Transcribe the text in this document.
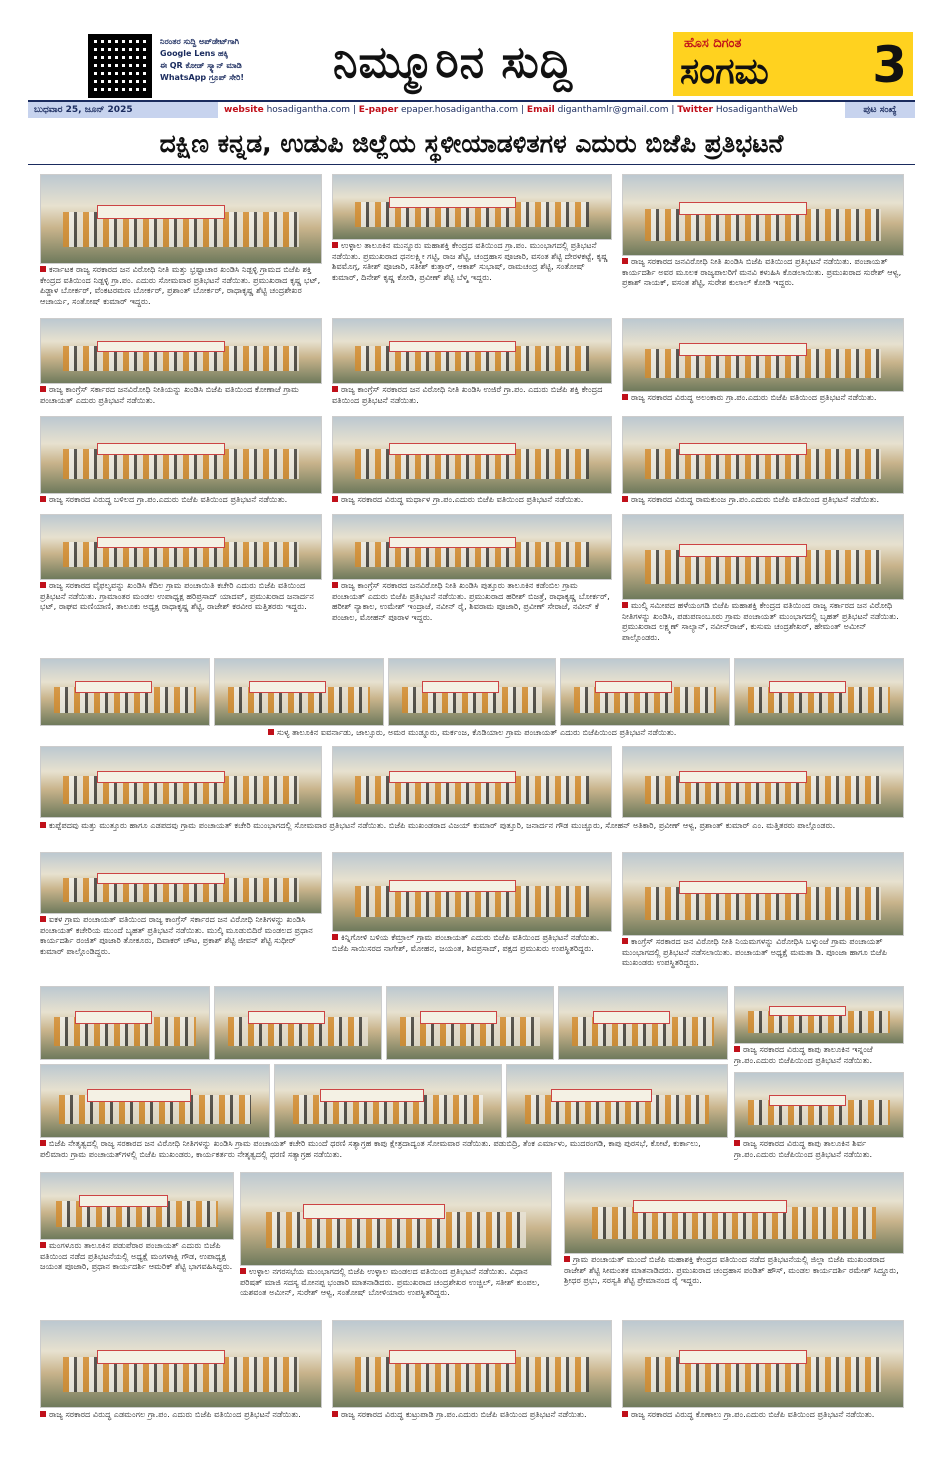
ನಿರಂತರ ಸುದ್ದಿ ಅಪ್‌ಡೇಟ್‌ಗಾಗಿ
Google Lens ಹಕ್ಕಿ
ಈ QR ಕೋಡ್ ಸ್ಕ್ಯಾನ್ ಮಾಡಿ
WhatsApp ಗ್ರೂಪ್ ಸೇರಿ!	ನಿಮ್ಮೂರಿನ ಸುದ್ದಿ	ಹೊಸ ದಿಗಂತ
ಸಂಗಮ 3
ಬುಧವಾರ 25, ಜೂನ್ 2025	website hosadigantha.com | E-paper epaper.hosadigantha.com | Email diganthamlr@gmail.com | Twitter HosadiganthaWeb	ಪುಟ ಸಂಖ್ಯೆ
ದಕ್ಷಿಣ ಕನ್ನಡ, ಉಡುಪಿ ಜಿಲ್ಲೆಯ ಸ್ಥಳೀಯಾಡಳಿತಗಳ ಎದುರು ಬಿಜೆಪಿ ಪ್ರತಿಭಟನೆ
ಕರ್ನಾಟಕ ರಾಜ್ಯ ಸರಕಾರದ ಜನ ವಿರೋಧಿ ನೀತಿ ಮತ್ತು ಭ್ರಷ್ಟಾಚಾರ ಖಂಡಿಸಿ ನಿಡ್ಪಳ್ಳಿ ಗ್ರಾಮದ ಬಿಜೆಪಿ ಶಕ್ತಿ ಕೇಂದ್ರದ ವತಿಯಿಂದ ನಿಡ್ಪಳ್ಳಿ ಗ್ರಾ.ಪಂ. ಎದುರು ಸೋಮವಾರ ಪ್ರತಿಭಟನೆ ನಡೆಯಿತು. ಪ್ರಮುಖರಾದ ಕೃಷ್ಣ ಭಟ್, ಪಿಡ್ಜಾಳ ಬೋರ್ಕರ್, ವೆಂಕಟರಮಣ ಬೋರ್ಕರ್, ಪ್ರಶಾಂತ್ ಬೋರ್ಕರ್, ರಾಧಾಕೃಷ್ಣ ಶೆಟ್ಟಿ ಚಂದ್ರಶೇಖರ ಆಚಾರ್ಯ, ಸಂತೋಷ್ ಕುಮಾರ್ ಇದ್ದರು.
ಉಳ್ಳಾಲ ತಾಲೂಕಿನ ಮುನ್ನೂರು ಮಹಾಶಕ್ತಿ ಕೇಂದ್ರದ ವತಿಯಿಂದ ಗ್ರಾ.ಪಂ. ಮುಂಭಾಗದಲ್ಲಿ ಪ್ರತಿಭಟನೆ ನಡೆಯಿತು. ಪ್ರಮುಖರಾದ ಧನಲಕ್ಷ್ಮೀ ಗಟ್ಟಿ, ರಾಜ ಶೆಟ್ಟಿ, ಚಂದ್ರಹಾಸ ಪೂಜಾರಿ, ವಸಂತ ಶೆಟ್ಟಿ ದೇರಳಕಟ್ಟೆ, ಕೃಷ್ಣ ಶಿವಮೊಗ್ಗ, ಸತೀಶ್ ಪೂಜಾರಿ, ಸತೀಶ್ ಕುತ್ತಾರ್, ಆಕಾಶ್ ಸುಭಾಷ್, ರಾಮಚಂದ್ರ ಶೆಟ್ಟಿ, ಸಂತೋಷ್ ಕುಮಾರ್, ದಿನೇಶ್ ಕೃಷ್ಣ ಕೋಡಿ, ಪ್ರವೀಣ್ ಶೆಟ್ಟಿ ಬೆಳ್ಮ ಇದ್ದರು.
ರಾಜ್ಯ ಸರಕಾರದ ಜನವಿರೋಧಿ ನೀತಿ ಖಂಡಿಸಿ ಬಿಜೆಪಿ ವತಿಯಿಂದ ಪ್ರತಿಭಟನೆ ನಡೆಯಿತು. ಪಂಚಾಯತ್ ಕಾರ್ಯದರ್ಶಿ ಅವರ ಮೂಲಕ ರಾಜ್ಯಪಾಲರಿಗೆ ಮನವಿ ಕಳುಹಿಸಿ ಕೊಡಲಾಯಿತು. ಪ್ರಮುಖರಾದ ಸುರೇಶ್ ಆಳ್ವ, ಪ್ರಕಾಶ್ ನಾಯಕ್, ವಸಂತ ಶೆಟ್ಟಿ, ಸುರೇಶ ಕುಲಾಲ್ ಕೋಡಿ ಇದ್ದರು.
ರಾಜ್ಯ ಕಾಂಗ್ರೆಸ್ ಸರ್ಕಾರದ ಜನವಿರೋಧಿ ನೀತಿಯನ್ನು ಖಂಡಿಸಿ ಬಿಜೆಪಿ ವತಿಯಿಂದ ಕೋಣಾಜೆ ಗ್ರಾಮ ಪಂಚಾಯತ್ ಎದುರು ಪ್ರತಿಭಟನೆ ನಡೆಯಿತು.
ರಾಜ್ಯ ಕಾಂಗ್ರೆಸ್ ಸರಕಾರದ ಜನ ವಿರೋಧಿ ನೀತಿ ಖಂಡಿಸಿ ಉಜಿರೆ ಗ್ರಾ.ಪಂ. ಎದುರು ಬಿಜೆಪಿ ಶಕ್ತಿ ಕೇಂದ್ರದ ವತಿಯಿಂದ ಪ್ರತಿಭಟನೆ ನಡೆಯಿತು.	ರಾಜ್ಯ ಸರಕಾರದ ವಿರುದ್ಧ ಅಲಂಕಾರು ಗ್ರಾ.ಪಂ.ಎದುರು ಬಿಜೆಪಿ ವತಿಯಿಂದ ಪ್ರತಿಭಟನೆ ನಡೆಯಿತು.
ರಾಜ್ಯ ಸರಕಾರದ ವಿರುದ್ಧ ಬಳಿಲದ ಗ್ರಾ.ಪಂ.ಎದುರು ಬಿಜೆಪಿ ವತಿಯಿಂದ ಪ್ರತಿಭಟನೆ ನಡೆಯಿತು.	ರಾಜ್ಯ ಸರಕಾರದ ವಿರುದ್ಧ ಮರ್ಧಾಳ ಗ್ರಾ.ಪಂ.ಎದುರು ಬಿಜೆಪಿ ವತಿಯಿಂದ ಪ್ರತಿಭಟನೆ ನಡೆಯಿತು.	ರಾಜ್ಯ ಸರಕಾರದ ವಿರುದ್ಧ ರಾಮಕುಂಜ ಗ್ರಾ.ಪಂ.ಎದುರು ಬಿಜೆಪಿ ವತಿಯಿಂದ ಪ್ರತಿಭಟನೆ ನಡೆಯಿತು.
ರಾಜ್ಯ ಸರಕಾರದ ವೈಫಲ್ಯವನ್ನು ಖಂಡಿಸಿ ಕೆದಿಲ ಗ್ರಾಮ ಪಂಚಾಯಿತಿ ಕಚೇರಿ ಎದುರು ಬಿಜೆಪಿ ವತಿಯಿಂದ ಪ್ರತಿಭಟನೆ ನಡೆಯಿತು. ಗ್ರಾಮಾಂತರ ಮಂಡಲ ಉಪಾಧ್ಯಕ್ಷ ಹರಿಪ್ರಸಾದ್ ಯಾದವ್, ಪ್ರಮುಖರಾದ ಜನಾರ್ದನ ಭಟ್, ರಾಘವ ಮಣಿಯಾಣಿ, ತಾಲೂಕು ಅಧ್ಯಕ್ಷ ರಾಧಾಕೃಷ್ಣ ಶೆಟ್ಟಿ, ರಾಜೇಶ್ ಕರವೀರ ಮತ್ತಿತರರು ಇದ್ದರು.
ರಾಜ್ಯ ಕಾಂಗ್ರೆಸ್ ಸರಕಾರದ ಜನವಿರೋಧಿ ನೀತಿ ಖಂಡಿಸಿ ಪುತ್ತೂರು ತಾಲೂಕಿನ ಕಡೆಂಬಿಲ ಗ್ರಾಮ ಪಂಚಾಯತ್ ಎದುರು ಬಿಜೆಪಿ ಪ್ರತಿಭಟನೆ ನಡೆಯಿತು. ಪ್ರಮುಖರಾದ ಹರೀಶ್ ಬಿಜತ್ರೆ, ರಾಧಾಕೃಷ್ಣ ಬೋರ್ಕರ್, ಹರೀಶ್ ನ್ಯಾಕಾಲ, ಉಮೇಶ್ ಇಂದ್ರಾಜೆ, ನವೀನ್ ರೈ, ಶಿವರಾಮ ಪೂಜಾರಿ, ಪ್ರವೀಣ್ ಸೇರಾಜೆ, ನವೀನ್ ಕೆ ಪಂಜಾಲ, ಮೋಹನ್ ಪೂರಾಳ ಇದ್ದರು.
ಮುಲ್ಕಿ ಸಮೀಪದ ಹಳೆಯಂಗಡಿ ಬಿಜೆಪಿ ಮಹಾಶಕ್ತಿ ಕೇಂದ್ರದ ವತಿಯಿಂದ ರಾಜ್ಯ ಸರ್ಕಾರದ ಜನ ವಿರೋಧಿ ನೀತಿಗಳನ್ನು ಖಂಡಿಸಿ, ಪಡುಪಣಂಬೂರು ಗ್ರಾಮ ಪಂಚಾಯತ್ ಮುಂಭಾಗದಲ್ಲಿ ಬೃಹತ್ ಪ್ರತಿಭಟನೆ ನಡೆಯಿತು. ಪ್ರಮುಖರಾದ ಲಕ್ಷ್ಮಣ್ ಸಾಲ್ಯಾನ್, ನವೀನ್‌ರಾಜ್, ಕುಸುಮ ಚಂದ್ರಶೇಖರ್, ಹೇಮಂತ್ ಅಮೀನ್ ಪಾಲ್ಗೊಂಡರು.
ಸುಳ್ಯ ತಾಲೂಕಿನ ಐವರ್ನಾಡು, ಜಾಲ್ಸೂರು, ಅಮರ ಮುಡ್ನೂರು, ಮರ್ಕಂಜ, ಕೊಡಿಯಾಲ ಗ್ರಾಮ ಪಂಚಾಯತ್ ಎದುರು ಬಿಜೆಪಿಯಿಂದ ಪ್ರತಿಭಟನೆ ನಡೆಯಿತು.
ಕುಪ್ಪೆಪದವು ಮತ್ತು ಮುತ್ತೂರು ಹಾಗೂ ಎಡಪದವು ಗ್ರಾಮ ಪಂಚಾಯತ್ ಕಚೇರಿ ಮುಂಭಾಗದಲ್ಲಿ ಸೋಮವಾರ ಪ್ರತಿಭಟನೆ ನಡೆಯಿತು. ಬಿಜೆಪಿ ಮುಖಂಡರಾದ ವಿಜಯ್ ಕುಮಾರ್ ಪುತ್ತೂರಿ, ಜನಾರ್ದನ ಗೌಡ ಮುಚ್ಚೂರು, ಸೋಹನ್ ಅತಿಕಾರಿ, ಪ್ರವೀಣ್ ಆಳ್ವ, ಪ್ರಶಾಂತ್ ಕುಮಾರ್ ಎಂ. ಮತ್ತಿತರರು ಪಾಲ್ಗೊಂಡರು.
ಐಕಳ ಗ್ರಾಮ ಪಂಚಾಯತ್ ವತಿಯಿಂದ ರಾಜ್ಯ ಕಾಂಗ್ರೆಸ್ ಸರ್ಕಾರದ ಜನ ವಿರೋಧಿ ನೀತಿಗಳನ್ನು ಖಂಡಿಸಿ ಪಂಚಾಯತ್ ಕಚೇರಿಯ ಮುಂದೆ ಬೃಹತ್ ಪ್ರತಿಭಟನೆ ನಡೆಯಿತು. ಮುಲ್ಕಿ ಮೂಡುಬಿದಿರೆ ಮಂಡಲದ ಪ್ರಧಾನ ಕಾರ್ಯದರ್ಶಿ ರಂಜಿತ್ ಪೂಜಾರಿ ತೋಕೂರು, ದಿವಾಕರ್ ಚೌಟ, ಪ್ರಕಾಶ್ ಶೆಟ್ಟಿ ಜೀವನ್ ಶೆಟ್ಟಿ ಸುಧೀರ್ ಕುಮಾರ್ ಪಾಲ್ಗೊಂಡಿದ್ದರು.
ಕಿನ್ನಿಗೋಳಿ ಬಳಿಯ ಕೆಮ್ರಾಲ್ ಗ್ರಾಮ ಪಂಚಾಯತ್ ಎದುರು ಬಿಜೆಪಿ ವತಿಯಿಂದ ಪ್ರತಿಭಟನೆ ನಡೆಯಿತು. ಬಿಜೆಪಿ ಸಾಯಿಸರದ ನಾಗೇಶ್, ಮೋಹನ, ಜಯಂತ, ಶಿವಪ್ರಸಾದ್, ಪಕ್ಷದ ಪ್ರಮುಖರು ಉಪಸ್ಥಿತರಿದ್ದರು.
ಕಾಂಗ್ರೆಸ್ ಸರಕಾರದ ಜನ ವಿರೋಧಿ ನೀತಿ ನಿಯಮಗಳನ್ನು ವಿರೋಧಿಸಿ ಬಳ್ಕುಂಜೆ ಗ್ರಾಮ ಪಂಚಾಯತ್ ಮುಂಭಾಗದಲ್ಲಿ ಪ್ರತಿಭಟನೆ ನಡೆಸಲಾಯಿತು. ಪಂಚಾಯತ್ ಅಧ್ಯಕ್ಷೆ ಮಮತಾ ಡಿ. ಪೂಂಜಾ ಹಾಗೂ ಬಿಜೆಪಿ ಮುಖಂಡರು ಉಪಸ್ಥಿತರಿದ್ದರು.
ರಾಜ್ಯ ಸರಕಾರದ ವಿರುದ್ಧ ಕಾಪು ತಾಲೂಕಿನ ಇನ್ನಂಜೆ ಗ್ರಾ.ಪಂ.ಎದುರು ಬಿಜೆಪಿಯಿಂದ ಪ್ರತಿಭಟನೆ ನಡೆಯಿತು.
ಬಿಜೆಪಿ ನೇತೃತ್ವದಲ್ಲಿ ರಾಜ್ಯ ಸರಕಾರದ ಜನ ವಿರೋಧಿ ನೀತಿಗಳನ್ನು ಖಂಡಿಸಿ ಗ್ರಾಮ ಪಂಚಾಯತ್ ಕಚೇರಿ ಮುಂದೆ ಧರಣಿ ಸತ್ಯಾಗ್ರಹ ಕಾಪು ಕ್ಷೇತ್ರದಾದ್ಯಂತ ಸೋಮವಾರ ನಡೆಯಿತು. ಪಡುಬಿದ್ರಿ, ತೆಂಕ ಎರ್ಮಾಳು, ಮುದರಂಗಡಿ, ಕಾಪು ಪುರಸಭೆ, ಕೋಟೆ, ಕುರ್ಕಾಲು, ಪಲಿಮಾರು ಗ್ರಾಮ ಪಂಚಾಯತ್‌ಗಳಲ್ಲಿ ಬಿಜೆಪಿ ಮುಖಂಡರು, ಕಾರ್ಯಕರ್ತರು ನೇತೃತ್ವದಲ್ಲಿ ಧರಣಿ ಸತ್ಯಾಗ್ರಹ ನಡೆಯಿತು.
ರಾಜ್ಯ ಸರಕಾರದ ವಿರುದ್ಧ ಕಾಪು ತಾಲೂಕಿನ ಶಿರ್ವ ಗ್ರಾ.ಪಂ.ಎದುರು ಬಿಜೆಪಿಯಿಂದ ಪ್ರತಿಭಟನೆ ನಡೆಯಿತು.
ಮಂಗಳೂರು ತಾಲೂಕಿನ ಪಡುಪೆರಾರ ಪಂಚಾಯತ್ ಎದುರು ಬಿಜೆಪಿ ವತಿಯಿಂದ ನಡೆದ ಪ್ರತಿಭಟನೆಯಲ್ಲಿ ಅಧ್ಯಕ್ಷೆ ಮಂಗಳಾಕ್ಷಿ ಗೌಡ, ಉಪಾಧ್ಯಕ್ಷ ಜಯಂತ ಪೂಜಾರಿ, ಪ್ರಧಾನ ಕಾರ್ಯದರ್ಶಿ ಆಮರಿಕ್ ಶೆಟ್ಟಿ ಭಾಗವಹಿಸಿದ್ದರು.	ಉಳ್ಳಾಲ ನಗರಸಭೆಯ ಮುಂಭಾಗದಲ್ಲಿ ಬಿಜೆಪಿ ಉಳ್ಳಾಲ ಮಂಡಲದ ವತಿಯಿಂದ ಪ್ರತಿಭಟನೆ ನಡೆಯಿತು. ವಿಧಾನ ಪರಿಷತ್ ಮಾಜಿ ಸದಸ್ಯ ಮೋನಪ್ಪ ಭಂಡಾರಿ ಮಾತನಾಡಿದರು. ಪ್ರಮುಖರಾದ ಚಂದ್ರಶೇಖರ ಉಚ್ಚಿಲ್, ಸತೀಶ್ ಕುಂಪಲ, ಯಶವಂತ ಅಮೀನ್, ಸುರೇಶ್ ಆಳ್ವ, ಸಂತೋಷ್ ಬೋಳಿಯಾರು ಉಪಸ್ಥಿತರಿದ್ದರು.
ಗ್ರಾಮ ಪಂಚಾಯತ್ ಮುಂದೆ ಬಿಜೆಪಿ ಮಹಾಶಕ್ತಿ ಕೇಂದ್ರದ ವತಿಯಿಂದ ನಡೆದ ಪ್ರತಿಭಟನೆಯಲ್ಲಿ ಜಿಲ್ಲಾ ಬಿಜೆಪಿ ಮುಖಂಡರಾದ ರಾಜೇಶ್ ಶೆಟ್ಟಿ ಸೀಮಂತಕ ಮಾತನಾಡಿದರು. ಪ್ರಮುಖರಾದ ಚಂದ್ರಹಾಸ ಪಂಡಿತ್ ಹೌಸ್, ಮಂಡಲ ಕಾರ್ಯದರ್ಶಿ ರಮೇಶ್ ಸಿದ್ದೂರು, ಶ್ರೀಧರ ಪ್ರಭು, ಸರಸ್ವತಿ ಶೆಟ್ಟಿ ಪ್ರೇಮಾನಂದ ರೈ ಇದ್ದರು.
ರಾಜ್ಯ ಸರಕಾರದ ವಿರುದ್ಧ ಎಡಮಂಗಲ ಗ್ರಾ.ಪಂ. ಎದುರು ಬಿಜೆಪಿ ವತಿಯಿಂದ ಪ್ರತಿಭಟನೆ ನಡೆಯಿತು.	ರಾಜ್ಯ ಸರಕಾರದ ವಿರುದ್ಧ ಕುಟ್ರುಪಾಡಿ ಗ್ರಾ.ಪಂ.ಎದುರು ಬಿಜೆಪಿ ವತಿಯಿಂದ ಪ್ರತಿಭಟನೆ ನಡೆಯಿತು.	ರಾಜ್ಯ ಸರಕಾರದ ವಿರುದ್ಧ ಕೊಣಾಲು ಗ್ರಾ.ಪಂ.ಎದುರು ಬಿಜೆಪಿ ವತಿಯಿಂದ ಪ್ರತಿಭಟನೆ ನಡೆಯಿತು.
